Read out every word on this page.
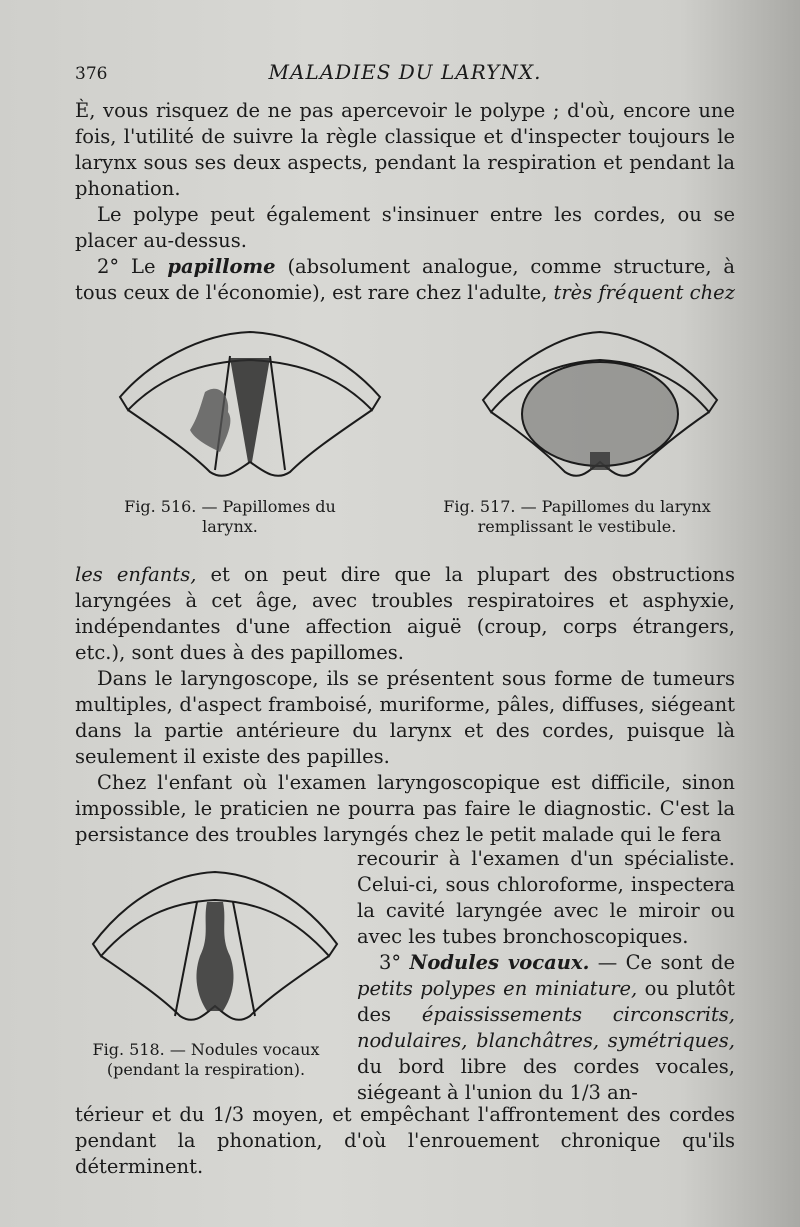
376	MALADIES DU LARYNX.

È, vous risquez de ne pas apercevoir le polype ; d'où, encore une fois, l'utilité de suivre la règle classique et d'inspecter toujours le larynx sous ses deux aspects, pendant la respiration et pendant la phonation.

Le polype peut également s'insinuer entre les cordes, ou se placer au-dessus.

2° Le papillome (absolument analogue, comme structure, à tous ceux de l'économie), est rare chez l'adulte, très fréquent chez

Fig. 516. — Papillomes du larynx.
Fig. 517. — Papillomes du larynx remplissant le vestibule.

les enfants, et on peut dire que la plupart des obstructions laryngées à cet âge, avec troubles respiratoires et asphyxie, indépendantes d'une affection aiguë (croup, corps étrangers, etc.), sont dues à des papillomes.

Dans le laryngoscope, ils se présentent sous forme de tumeurs multiples, d'aspect framboisé, muriforme, pâles, diffuses, siégeant dans la partie antérieure du larynx et des cordes, puisque là seulement il existe des papilles.

Chez l'enfant où l'examen laryngoscopique est difficile, sinon impossible, le praticien ne pourra pas faire le diagnostic. C'est la persistance des troubles laryngés chez le petit malade qui le fera

Fig. 518. — Nodules vocaux (pendant la respiration).

recourir à l'examen d'un spécialiste. Celui-ci, sous chloroforme, inspectera la cavité laryngée avec le miroir ou avec les tubes bronchoscopiques.

3° Nodules vocaux. — Ce sont de petits polypes en miniature, ou plutôt des épaississements circonscrits, nodulaires, blanchâtres, symétriques, du bord libre des cordes vocales, siégeant à l'union du 1/3 an-

térieur et du 1/3 moyen, et empêchant l'affrontement des cordes pendant la phonation, d'où l'enrouement chronique qu'ils déterminent.
